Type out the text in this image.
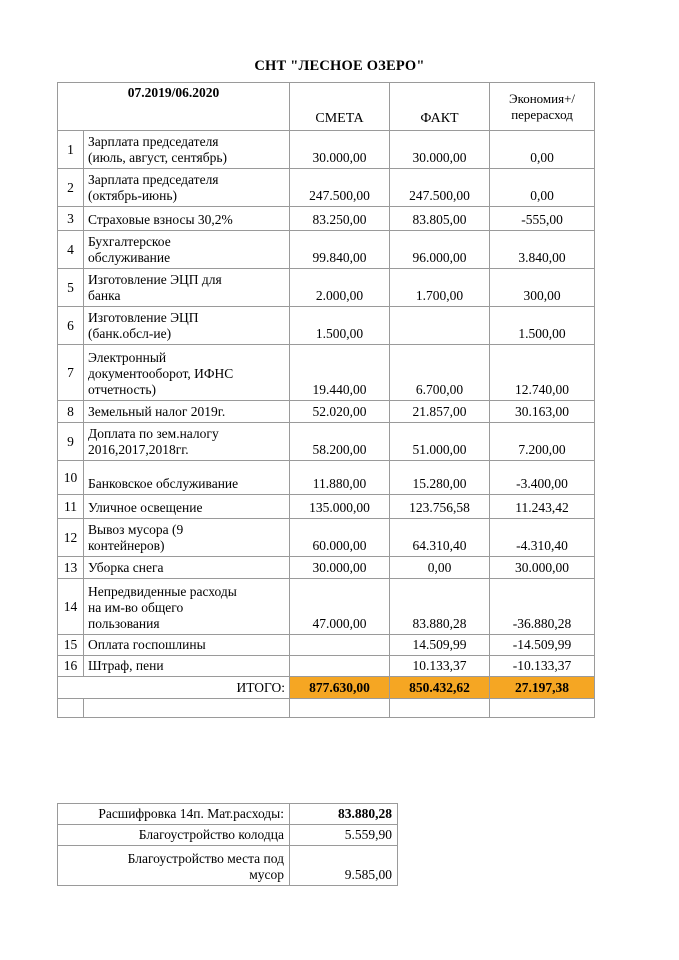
СНТ "ЛЕСНОЕ ОЗЕРО"
07.2019/06.2020		СМЕТА	ФАКТ	Экономия+/
перерасход

1	Зарплата председателя
(июль, август, сентябрь)	30.000,00	30.000,00	0,00
2	Зарплата председателя
(октябрь-июнь)	247.500,00	247.500,00	0,00
3	Страховые взносы 30,2%	83.250,00	83.805,00	-555,00
4	Бухгалтерское
обслуживание	99.840,00	96.000,00	3.840,00
5	Изготовление ЭЦП для
банка	2.000,00	1.700,00	300,00
6	Изготовление ЭЦП
(банк.обсл-ие)	1.500,00		1.500,00
7	Электронный
документооборот, ИФНС
отчетность)	19.440,00	6.700,00	12.740,00
8	Земельный налог 2019г.	52.020,00	21.857,00	30.163,00
9	Доплата по зем.налогу
2016,2017,2018гг.	58.200,00	51.000,00	7.200,00
10	Банковское обслуживание	11.880,00	15.280,00	-3.400,00
11	Уличное освещение	135.000,00	123.756,58	11.243,42
12	Вывоз мусора (9
контейнеров)	60.000,00	64.310,40	-4.310,40
13	Уборка снега	30.000,00	0,00	30.000,00
14	Непредвиденные расходы
на им-во общего
пользования	47.000,00	83.880,28	-36.880,28
15	Оплата госпошлины		14.509,99	-14.509,99
16	Штраф, пени		10.133,37	-10.133,37
ИТОГО:		877.630,00	850.432,62	27.197,38

Расшифровка 14п. Мат.расходы:	83.880,28
Благоустройство колодца	5.559,90

Благоустройство места под
мусор	9.585,00
